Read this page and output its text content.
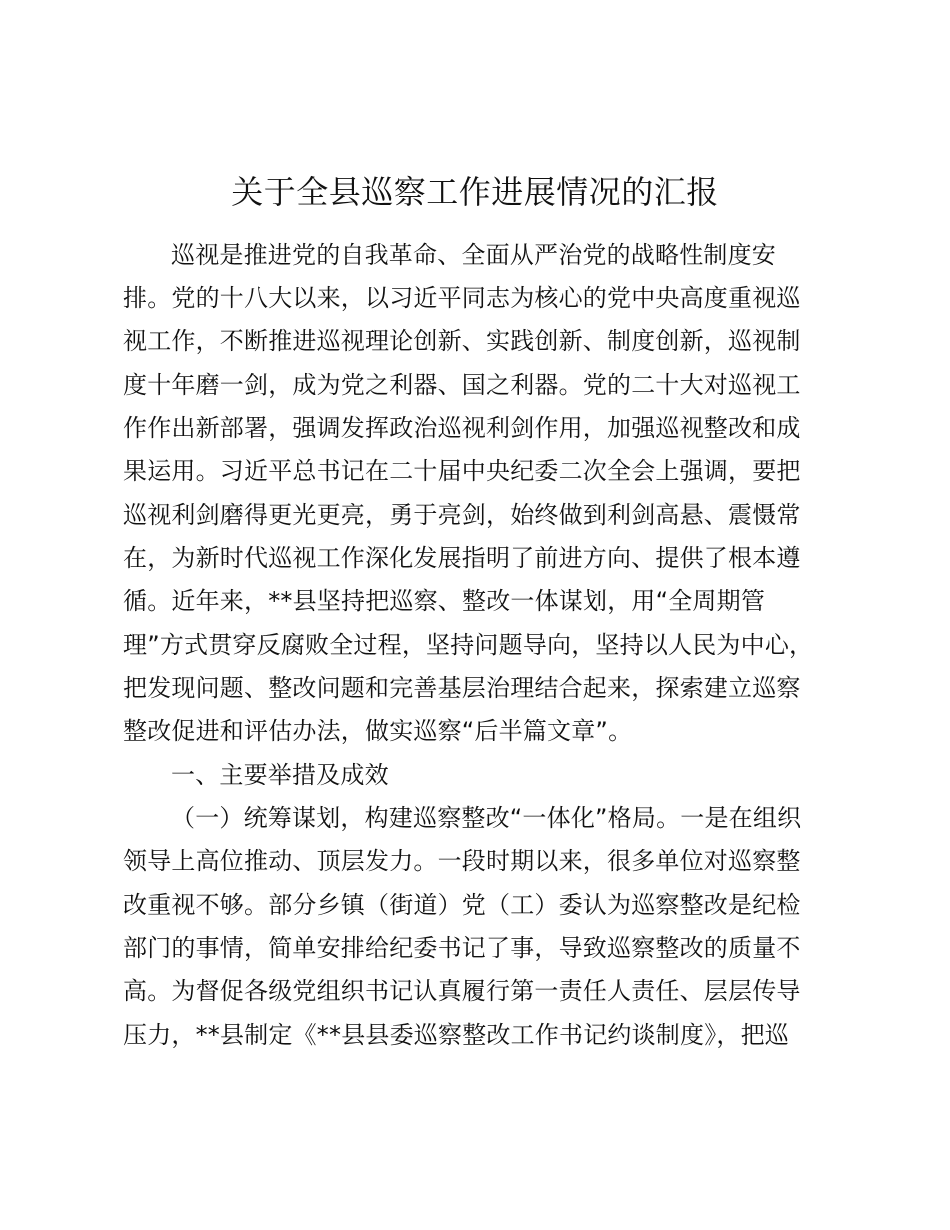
关于全县巡察工作进展情况的汇报
巡视是推进党的自我革命、全面从严治党的战略性制度安
排。党的十八大以来，以习近平同志为核心的党中央高度重视巡
视工作，不断推进巡视理论创新、实践创新、制度创新，巡视制
度十年磨一剑，成为党之利器、国之利器。党的二十大对巡视工
作作出新部署，强调发挥政治巡视利剑作用，加强巡视整改和成
果运用。习近平总书记在二十届中央纪委二次全会上强调，要把
巡视利剑磨得更光更亮，勇于亮剑，始终做到利剑高悬、震慑常
在，为新时代巡视工作深化发展指明了前进方向、提供了根本遵
循。近年来，**县坚持把巡察、整改一体谋划，用“全周期管
理”方式贯穿反腐败全过程，坚持问题导向，坚持以人民为中心，
把发现问题、整改问题和完善基层治理结合起来，探索建立巡察
整改促进和评估办法，做实巡察“后半篇文章”。
一、主要举措及成效
（一）统筹谋划，构建巡察整改“一体化”格局。一是在组织
领导上高位推动、顶层发力。一段时期以来，很多单位对巡察整
改重视不够。部分乡镇（街道）党（工）委认为巡察整改是纪检
部门的事情，简单安排给纪委书记了事，导致巡察整改的质量不
高。为督促各级党组织书记认真履行第一责任人责任、层层传导
压力，**县制定《**县县委巡察整改工作书记约谈制度》，把巡
